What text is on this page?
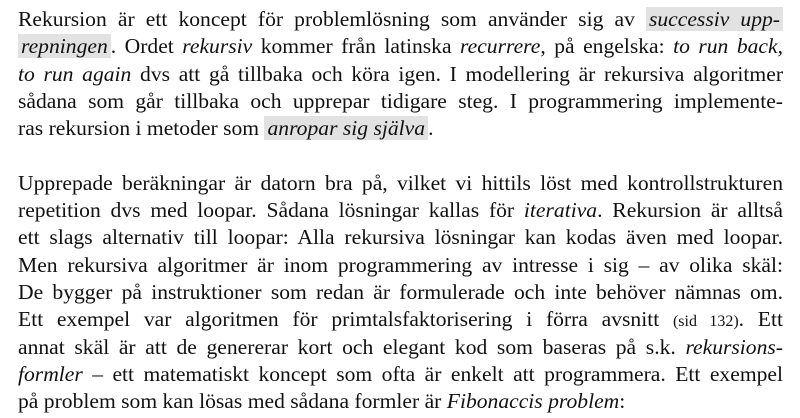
Rekursion är ett koncept för problemlösning som använder sig av successiv upp-
repningen . Ordet rekursiv kommer från latinska recurrere, på engelska: to run back,
to run again dvs att gå tillbaka och köra igen. I modellering är rekursiva algoritmer
sådana som går tillbaka och upprepar tidigare steg. I programmering implemente-
ras rekursion i metoder som anropar sig själva .
Upprepade beräkningar är datorn bra på, vilket vi hittils löst med kontrollstrukturen
repetition dvs med loopar. Sådana lösningar kallas för iterativa. Rekursion är alltså
ett slags alternativ till loopar: Alla rekursiva lösningar kan kodas även med loopar.
Men rekursiva algoritmer är inom programmering av intresse i sig – av olika skäl:
De bygger på instruktioner som redan är formulerade och inte behöver nämnas om.
Ett exempel var algoritmen för primtalsfaktorisering i förra avsnitt (sid 132). Ett
annat skäl är att de genererar kort och elegant kod som baseras på s.k. rekursions-
formler – ett matematiskt koncept som ofta är enkelt att programmera. Ett exempel
på problem som kan lösas med sådana formler är Fibonaccis problem:
